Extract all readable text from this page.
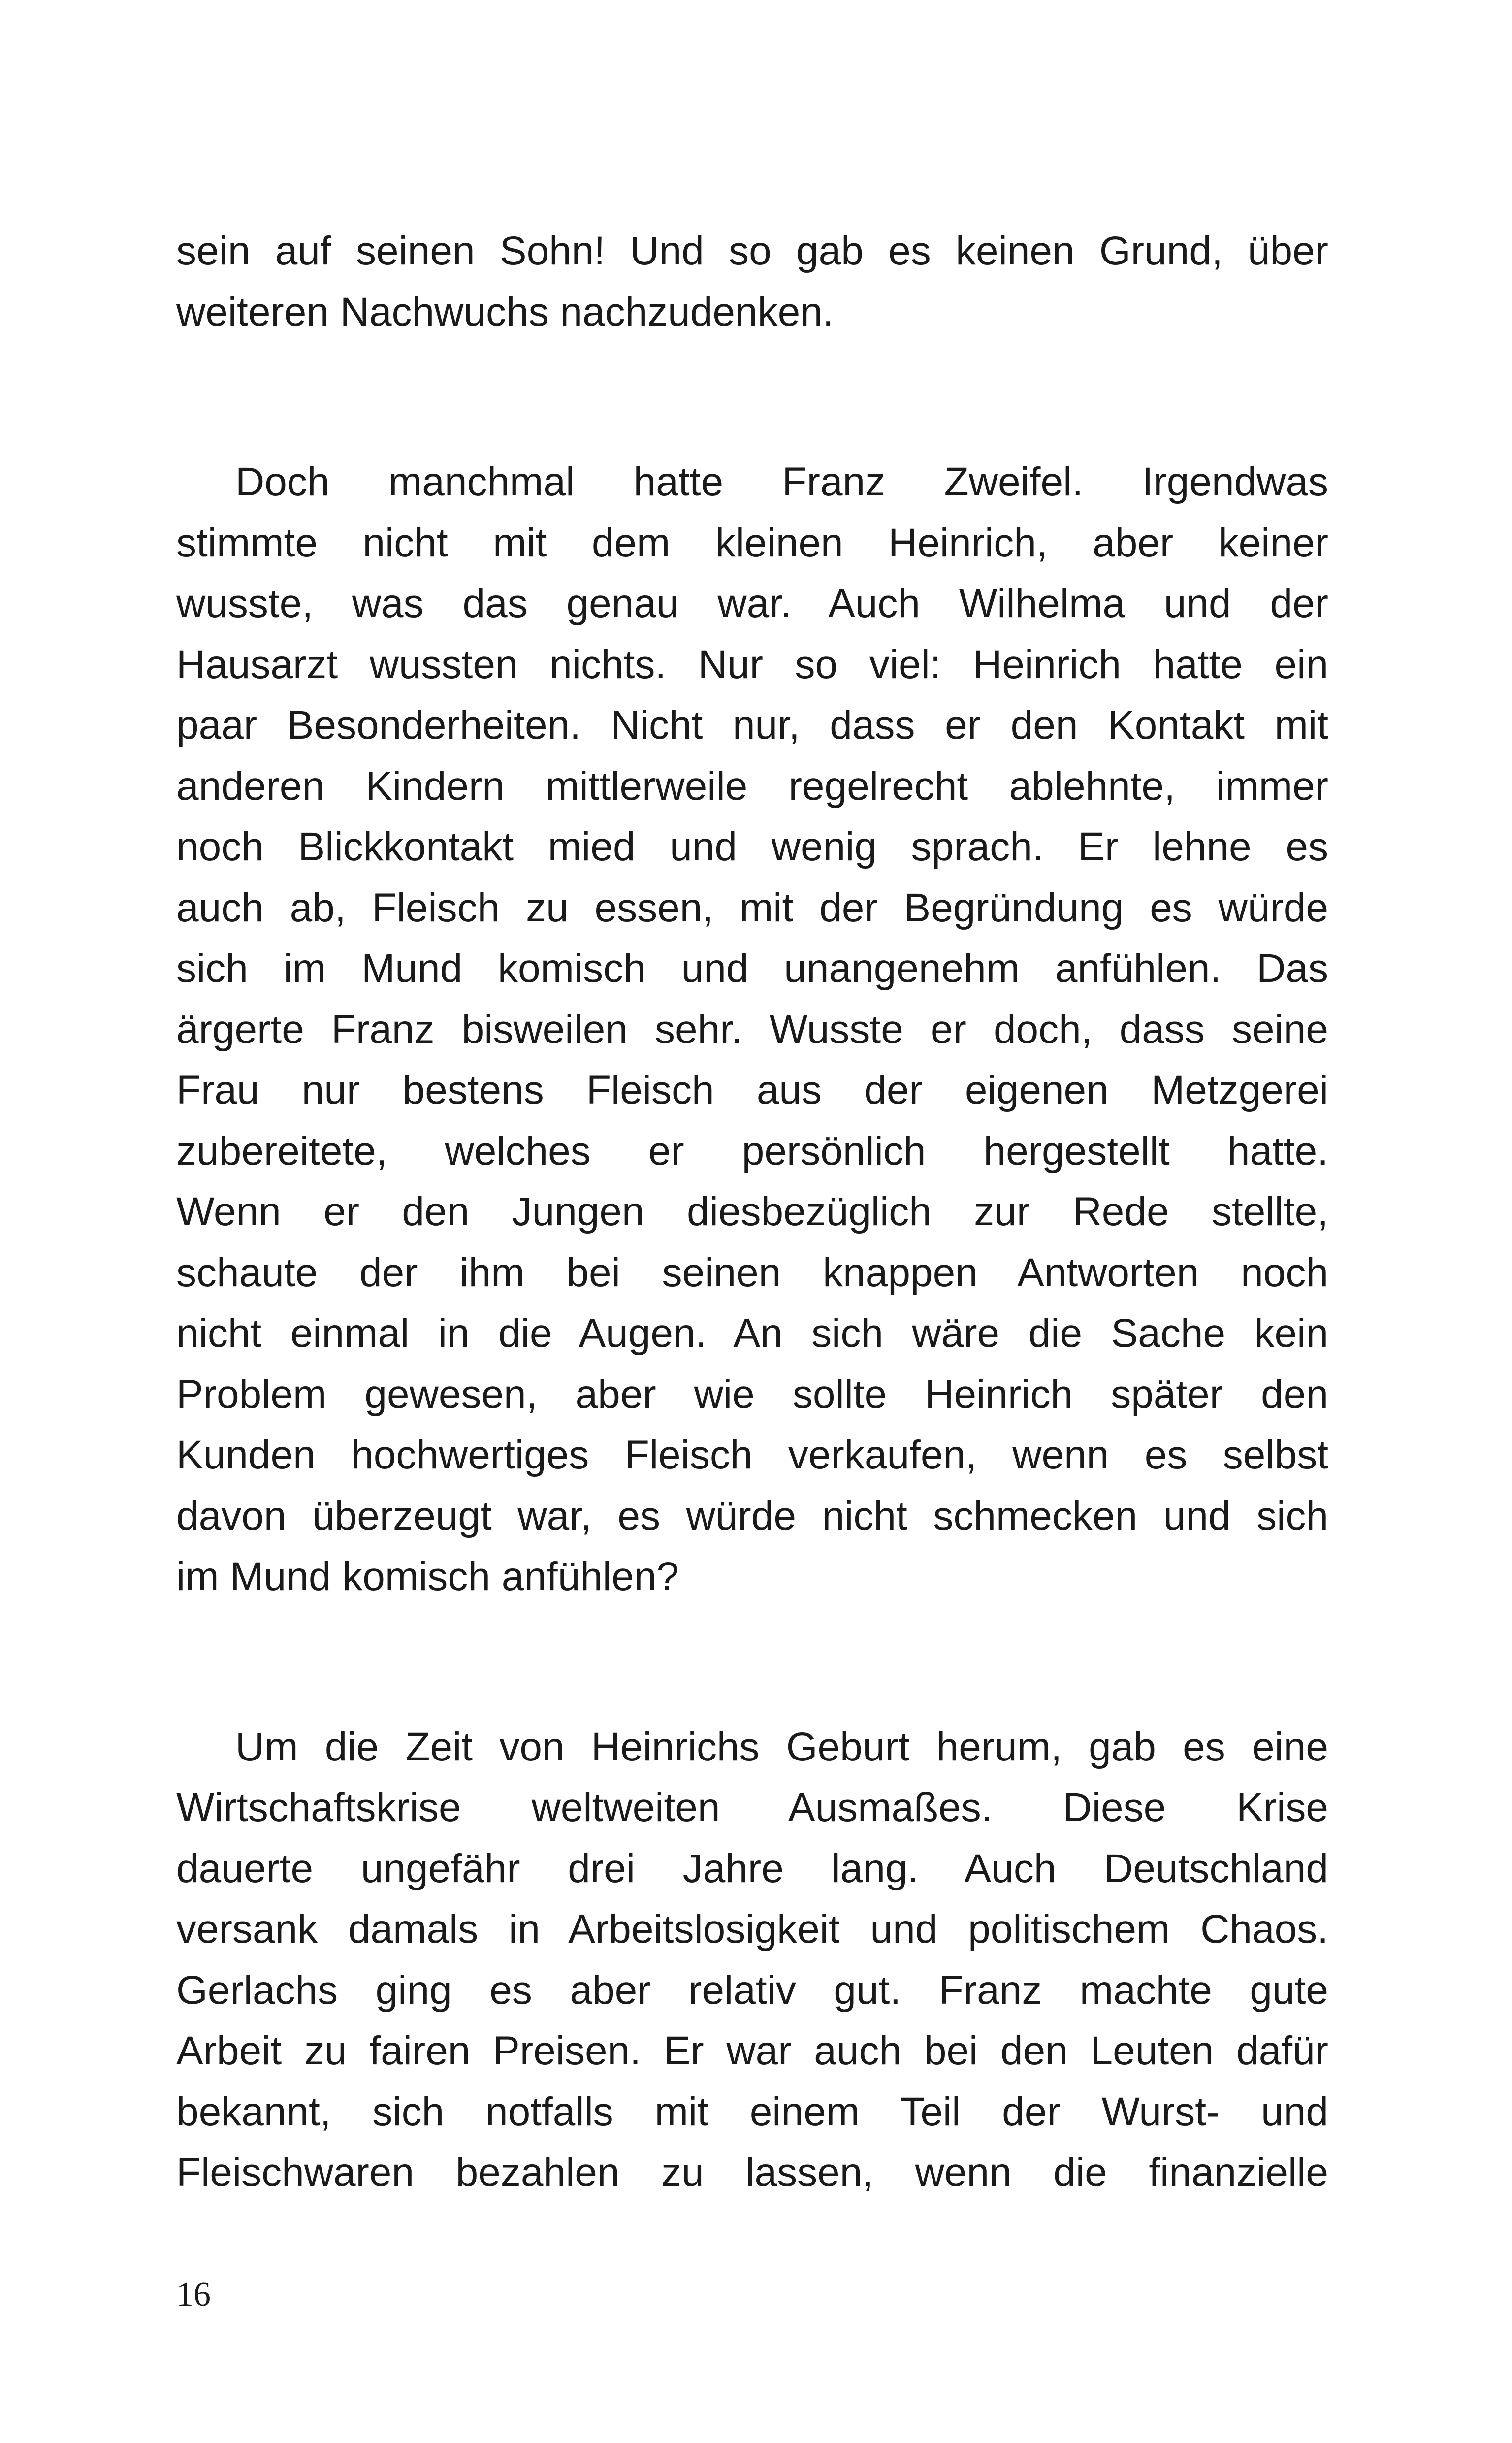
sein auf seinen Sohn! Und so gab es keinen Grund, über

weiteren Nachwuchs nachzudenken.

Doch manchmal hatte Franz Zweifel. Irgendwas

stimmte nicht mit dem kleinen Heinrich, aber keiner

wusste, was das genau war. Auch Wilhelma und der

Hausarzt wussten nichts. Nur so viel: Heinrich hatte ein

paar Besonderheiten. Nicht nur, dass er den Kontakt mit

anderen Kindern mittlerweile regelrecht ablehnte, immer

noch Blickkontakt mied und wenig sprach. Er lehne es

auch ab, Fleisch zu essen, mit der Begründung es würde

sich im Mund komisch und unangenehm anfühlen. Das

ärgerte Franz bisweilen sehr. Wusste er doch, dass seine

Frau nur bestens Fleisch aus der eigenen Metzgerei

zubereitete, welches er persönlich hergestellt hatte.

Wenn er den Jungen diesbezüglich zur Rede stellte,

schaute der ihm bei seinen knappen Antworten noch

nicht einmal in die Augen. An sich wäre die Sache kein

Problem gewesen, aber wie sollte Heinrich später den

Kunden hochwertiges Fleisch verkaufen, wenn es selbst

davon überzeugt war, es würde nicht schmecken und sich

im Mund komisch anfühlen?

Um die Zeit von Heinrichs Geburt herum, gab es eine

Wirtschaftskrise weltweiten Ausmaßes. Diese Krise

dauerte ungefähr drei Jahre lang. Auch Deutschland

versank damals in Arbeitslosigkeit und politischem Chaos.

Gerlachs ging es aber relativ gut. Franz machte gute

Arbeit zu fairen Preisen. Er war auch bei den Leuten dafür

bekannt, sich notfalls mit einem Teil der Wurst- und

Fleischwaren bezahlen zu lassen, wenn die finanzielle

16
